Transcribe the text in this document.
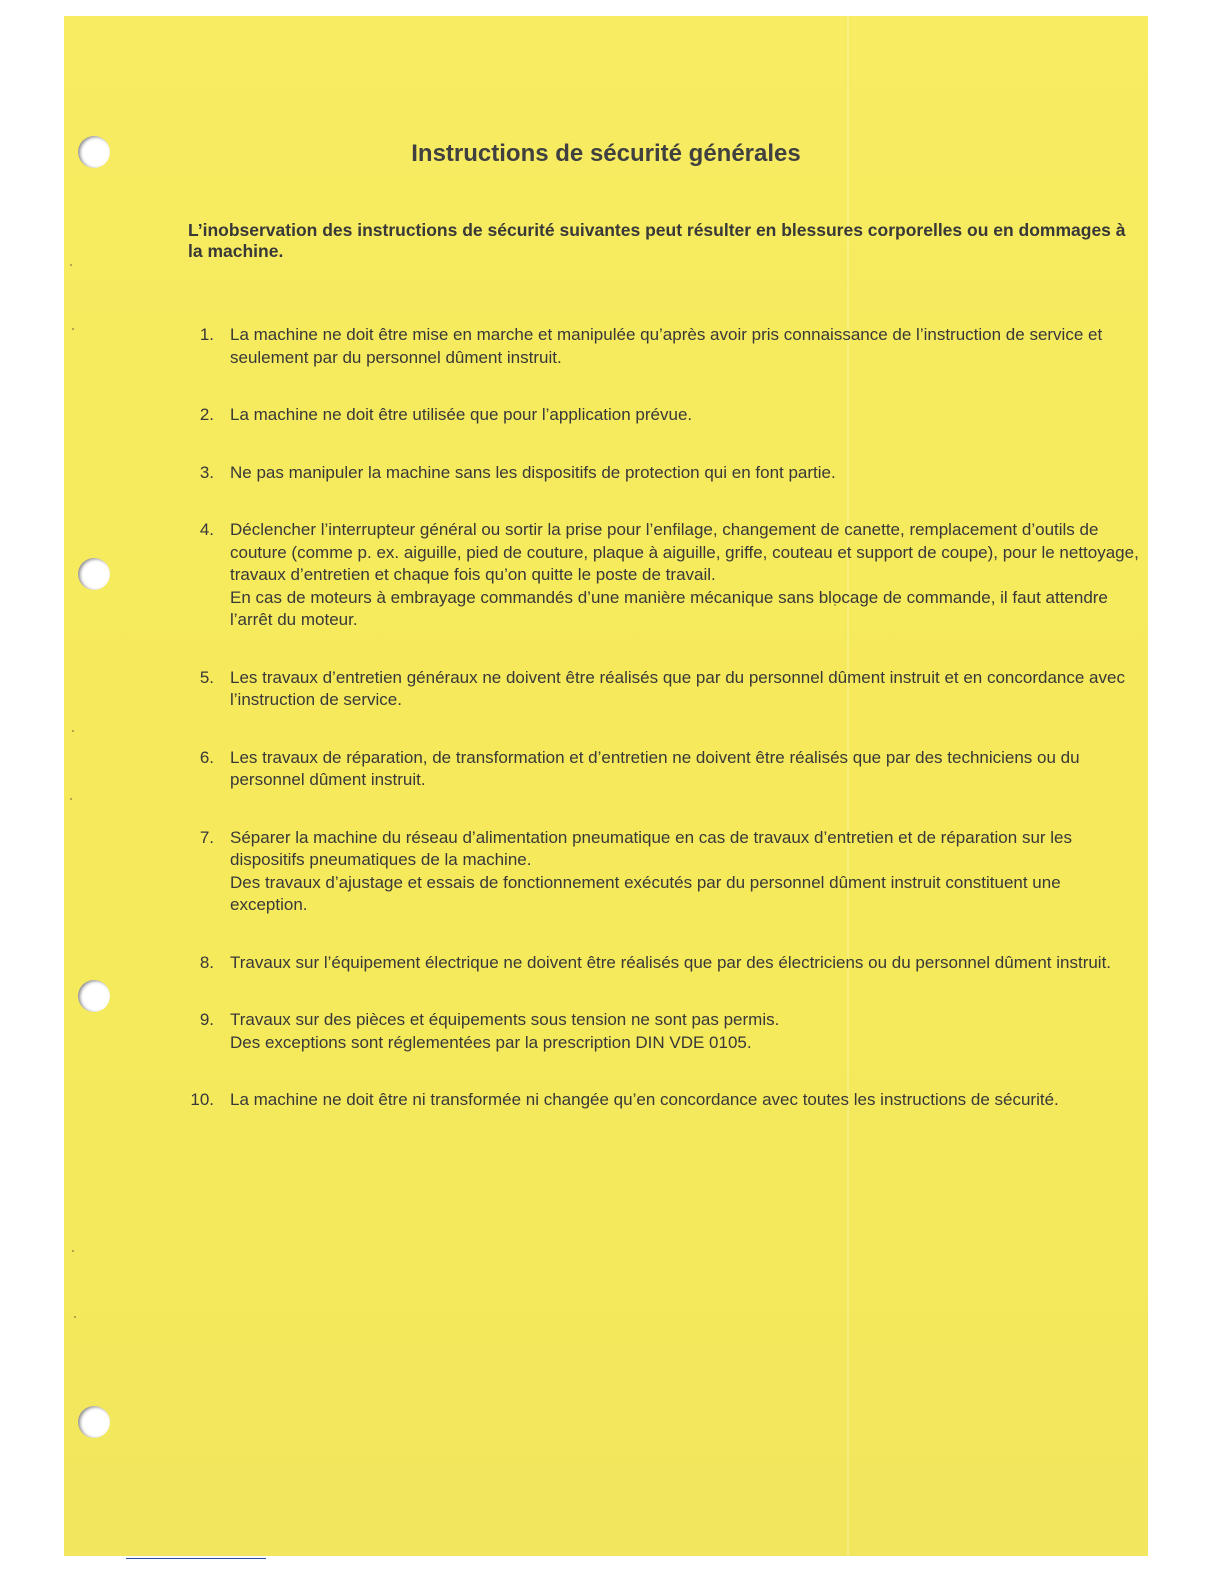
Instructions de sécurité générales

L’inobservation des instructions de sécurité suivantes peut résulter en blessures corporelles ou en dommages à la machine.

1. La machine ne doit être mise en marche et manipulée qu’après avoir pris connaissance de l’instruction de service et seulement par du personnel dûment instruit.
2. La machine ne doit être utilisée que pour l’application prévue.
3. Ne pas manipuler la machine sans les dispositifs de protection qui en font partie.
4. Déclencher l’interrupteur général ou sortir la prise pour l’enfilage, changement de canette, remplacement d’outils de couture (comme p. ex. aiguille, pied de couture, plaque à aiguille, griffe, couteau et support de coupe), pour le nettoyage, travaux d’entretien et chaque fois qu’on quitte le poste de travail.
En cas de moteurs à embrayage commandés d’une manière mécanique sans blocage de commande, il faut attendre l’arrêt du moteur.
5. Les travaux d’entretien généraux ne doivent être réalisés que par du personnel dûment instruit et en concordance avec l’instruction de service.
6. Les travaux de réparation, de transformation et d’entretien ne doivent être réalisés que par des techniciens ou du personnel dûment instruit.
7. Séparer la machine du réseau d’alimentation pneumatique en cas de travaux d’entretien et de réparation sur les dispositifs pneumatiques de la machine.
Des travaux d’ajustage et essais de fonctionnement exécutés par du personnel dûment instruit constituent une exception.
8. Travaux sur l’équipement électrique ne doivent être réalisés que par des électriciens ou du personnel dûment instruit.
9. Travaux sur des pièces et équipements sous tension ne sont pas permis.
Des exceptions sont réglementées par la prescription DIN VDE 0105.
10. La machine ne doit être ni transformée ni changée qu’en concordance avec toutes les instructions de sécurité.
